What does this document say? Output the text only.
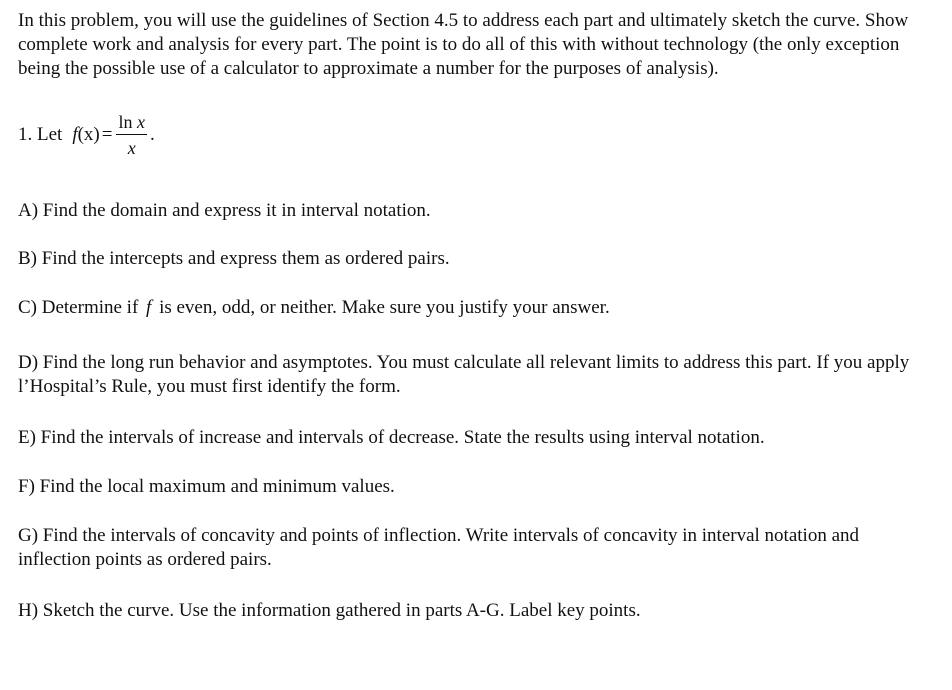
In this problem, you will use the guidelines of Section 4.5 to address each part and ultimately sketch the curve. Show complete work and analysis for every part. The point is to do all of this with without technology (the only exception being the possible use of a calculator to approximate a number for the purposes of analysis).

1. Let $f(x) = \frac{\text{ln x}}{x}$ .

A) Find the domain and express it in interval notation.

B) Find the intercepts and express them as ordered pairs.

C) Determine if f is even, odd, or neither. Make sure you justify your answer.

D) Find the long run behavior and asymptotes. You must calculate all relevant limits to address this part. If you apply l’Hospital’s Rule, you must first identify the form.

E) Find the intervals of increase and intervals of decrease. State the results using interval notation.

F) Find the local maximum and minimum values.

G) Find the intervals of concavity and points of inflection. Write intervals of concavity in interval notation and inflection points as ordered pairs.

H) Sketch the curve. Use the information gathered in parts A-G. Label key points.
